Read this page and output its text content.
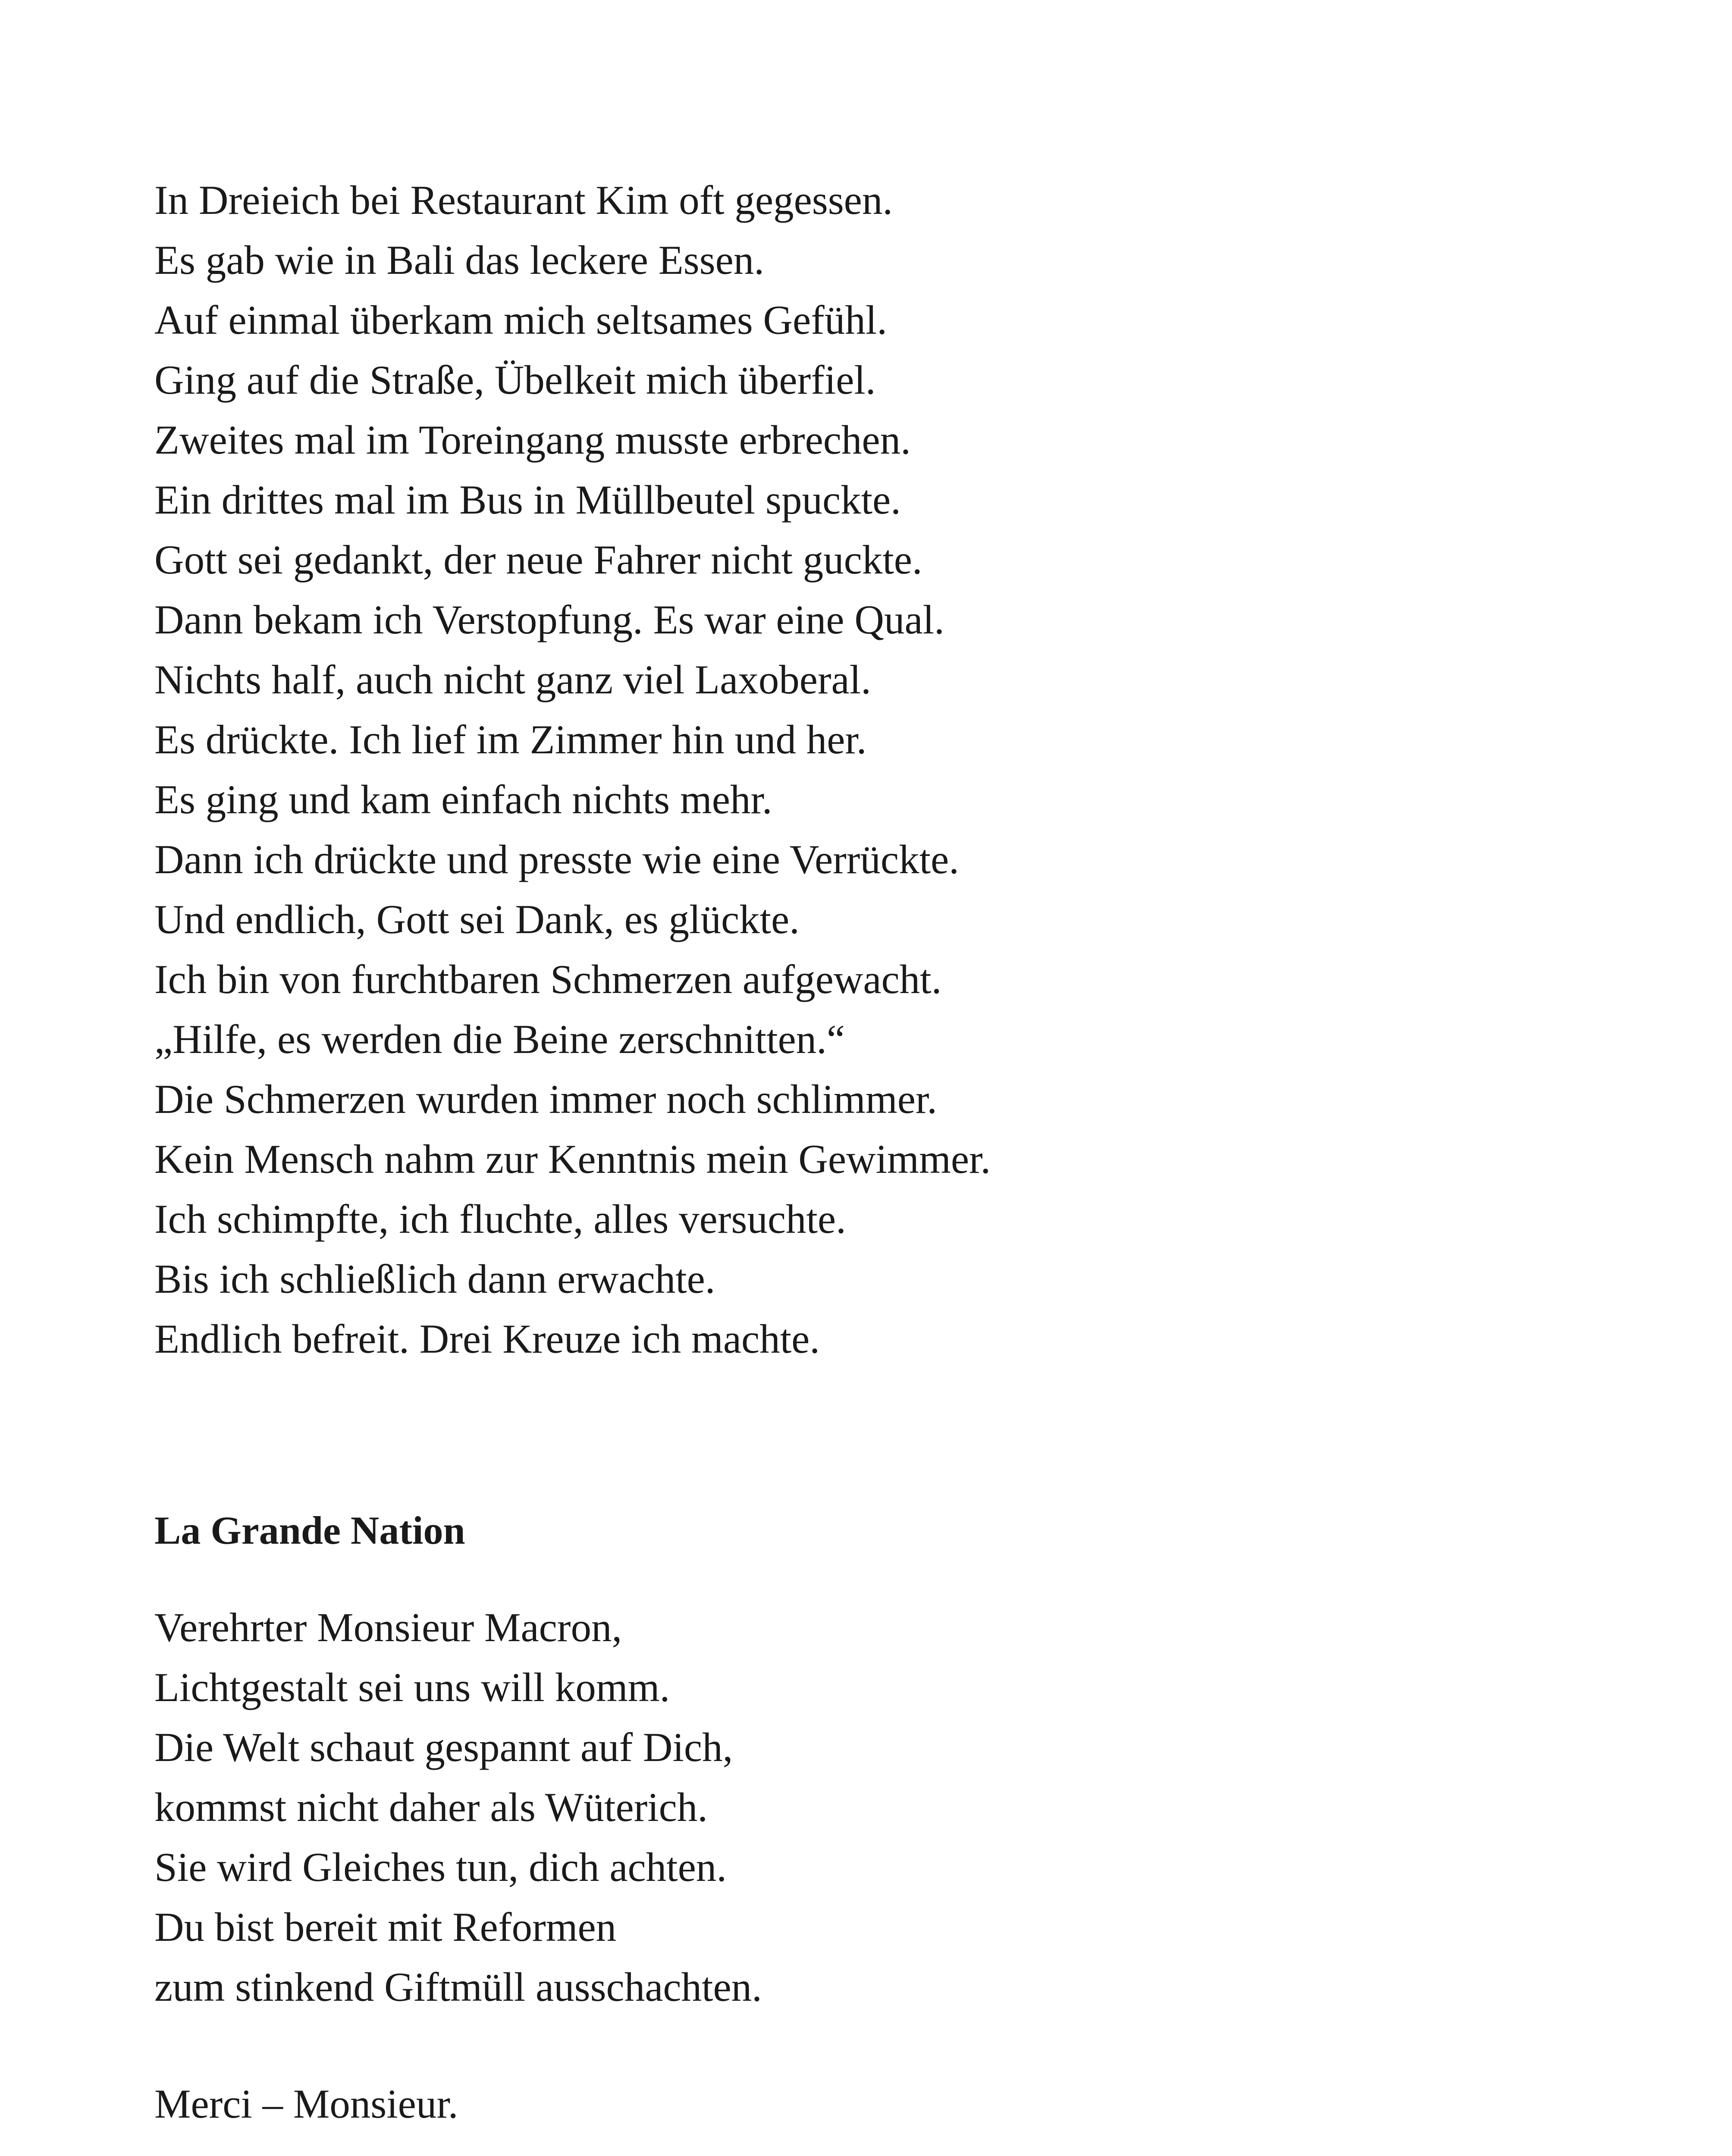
In Dreieich bei Restaurant Kim oft gegessen.
Es gab wie in Bali das leckere Essen.
Auf einmal überkam mich seltsames Gefühl.
Ging auf die Straße, Übelkeit mich überfiel.
Zweites mal im Toreingang musste erbrechen.
Ein drittes mal im Bus in Müllbeutel spuckte.
Gott sei gedankt, der neue Fahrer nicht guckte.
Dann bekam ich Verstopfung. Es war eine Qual.
Nichts half, auch nicht ganz viel Laxoberal.
Es drückte. Ich lief im Zimmer hin und her.
Es ging und kam einfach nichts mehr.
Dann ich drückte und presste wie eine Verrückte.
Und endlich, Gott sei Dank, es glückte.
Ich bin von furchtbaren Schmerzen aufgewacht.
„Hilfe, es werden die Beine zerschnitten.“
Die Schmerzen wurden immer noch schlimmer.
Kein Mensch nahm zur Kenntnis mein Gewimmer.
Ich schimpfte, ich fluchte, alles versuchte.
Bis ich schließlich dann erwachte.
Endlich befreit. Drei Kreuze ich machte.
La Grande Nation
Verehrter Monsieur Macron,
Lichtgestalt sei uns will komm.
Die Welt schaut gespannt auf Dich,
kommst nicht daher als Wüterich.
Sie wird Gleiches tun, dich achten.
Du bist bereit mit Reformen
zum stinkend Giftmüll ausschachten.
Merci – Monsieur.
